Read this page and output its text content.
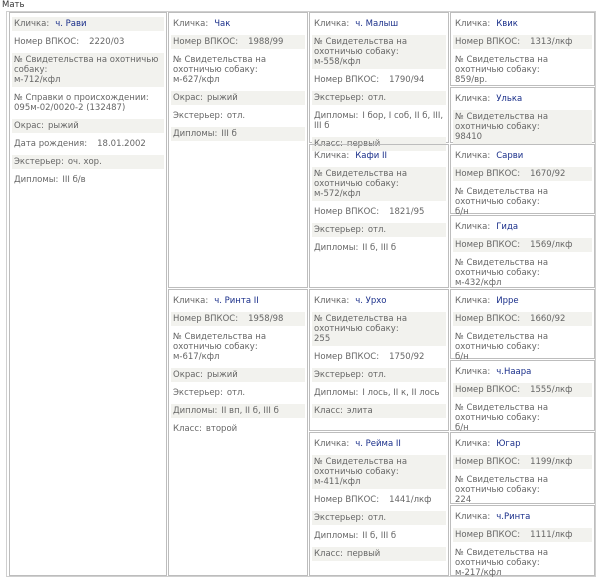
Мать
Кличка: ч. Рави
Номер ВПКОС: 2220/03
№ Свидетельства на охотничью собаку:
м-712/кфл
№ Справки о происхождении:
095м-02/0020-2 (132487)
Окрас: рыжий
Дата рождения: 18.01.2002
Экстерьер: оч. хор.
Дипломы: III б/в
Кличка: Чак
Номер ВПКОС: 1988/99
№ Свидетельства на охотничью собаку:
м-627/кфл
Окрас: рыжий
Экстерьер: отл.
Дипломы: III б
Кличка: ч. Ринта II
Номер ВПКОС: 1958/98
№ Свидетельства на охотничью собаку:
м-617/кфл
Окрас: рыжий
Экстерьер: отл.
Дипломы: II вп, II б, III б
Класс: второй
Кличка: ч. Малыш
№ Свидетельства на охотничью собаку:
м-558/кфл
Номер ВПКОС: 1790/94
Экстерьер: отл.
Дипломы: I бор, I соб, II б, III, III б
Класс: первый
Кличка: Кафи II
№ Свидетельства на охотничью собаку:
м-572/кфл
Номер ВПКОС: 1821/95
Экстерьер: отл.
Дипломы: II б, III б
Кличка: ч. Урхо
№ Свидетельства на охотничью собаку:
255
Номер ВПКОС: 1750/92
Экстерьер: отл.
Дипломы: I лось, II к, II лось
Класс: элита
Кличка: ч. Рейма II
№ Свидетельства на охотничью собаку:
м-411/кфл
Номер ВПКОС: 1441/лкф
Экстерьер: отл.
Дипломы: II б, III б
Класс: первый
Кличка: Квик
Номер ВПКОС: 1313/лкф
№ Свидетельства на охотничью собаку:
859/вр.
Кличка: Улька
№ Свидетельства на охотничью собаку:
98410
Кличка: Сарви
Номер ВПКОС: 1670/92
№ Свидетельства на охотничью собаку:
б/н
Кличка: Гида
Номер ВПКОС: 1569/лкф
№ Свидетельства на охотничью собаку:
м-432/кфл
Кличка: Ирре
Номер ВПКОС: 1660/92
№ Свидетельства на охотничью собаку:
б/н
Кличка: ч.Наара
Номер ВПКОС: 1555/лкф
№ Свидетельства на охотничью собаку:
б/н
Кличка: Югар
Номер ВПКОС: 1199/лкф
№ Свидетельства на охотничью собаку:
224
Кличка: ч.Ринта
Номер ВПКОС: 1111/лкф
№ Свидетельства на охотничью собаку:
м-217/кфл
